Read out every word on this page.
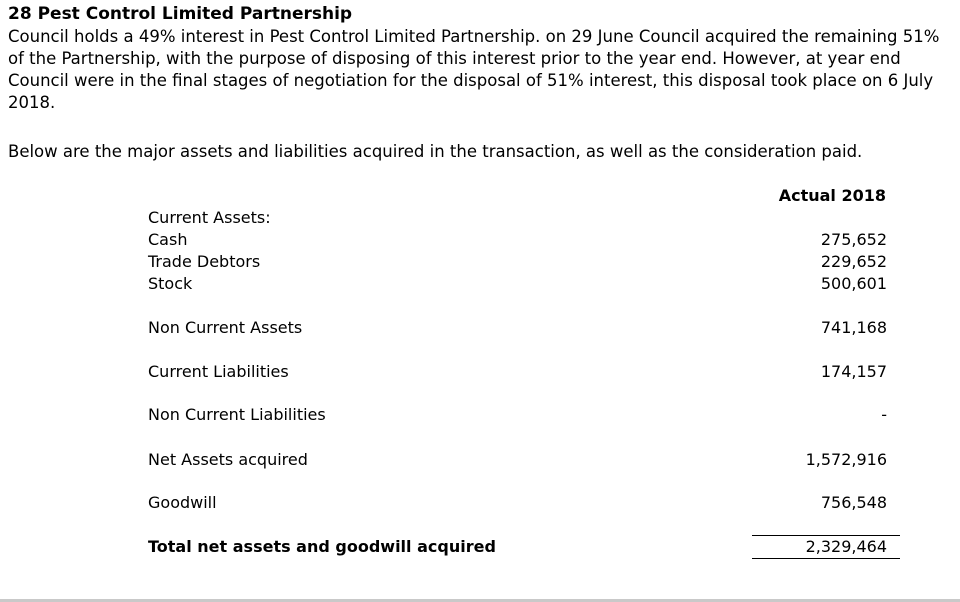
28 Pest Control Limited Partnership
Council holds a 49% interest in Pest Control Limited Partnership. on 29 June Council acquired the remaining 51% of the Partnership, with the purpose of disposing of this interest prior to the year end. However, at year end Council were in the final stages of negotiation for the disposal of 51% interest, this disposal took place on 6 July 2018.
Below are the major assets and liabilities acquired in the transaction, as well as the consideration paid.
Actual 2018
Current Assets:
Cash	275,652
Trade Debtors	229,652
Stock	500,601
Non Current Assets	741,168
Current Liabilities	174,157
Non Current Liabilities	-
Net Assets acquired	1,572,916
Goodwill	756,548
Total net assets and goodwill acquired	2,329,464
